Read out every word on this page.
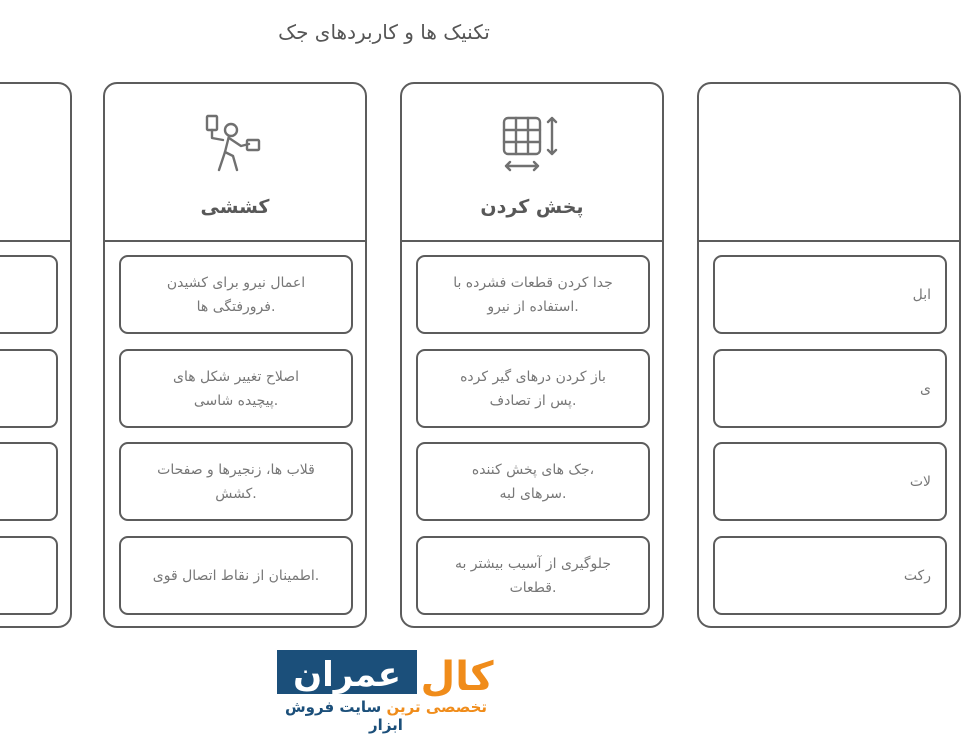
تکنیک ها و کاربردهای جک
کششی
اعمال نیرو برای کشیدن
.فرورفتگی ها
اصلاح تغییر شکل های
.پیچیده شاسی
قلاب ها، زنجیرها و صفحات
.کشش
.اطمینان از نقاط اتصال قوی
پخش کردن
جدا کردن قطعات فشرده با
.استفاده از نیرو
باز کردن درهای گیر کرده
.پس از تصادف
،جک های پخش کننده
.سرهای لبه
جلوگیری از آسیب بیشتر به
.قطعات
ابل
ی
لات
رکت
عمران کال
تخصصی ترین سایت فروش ابزار
